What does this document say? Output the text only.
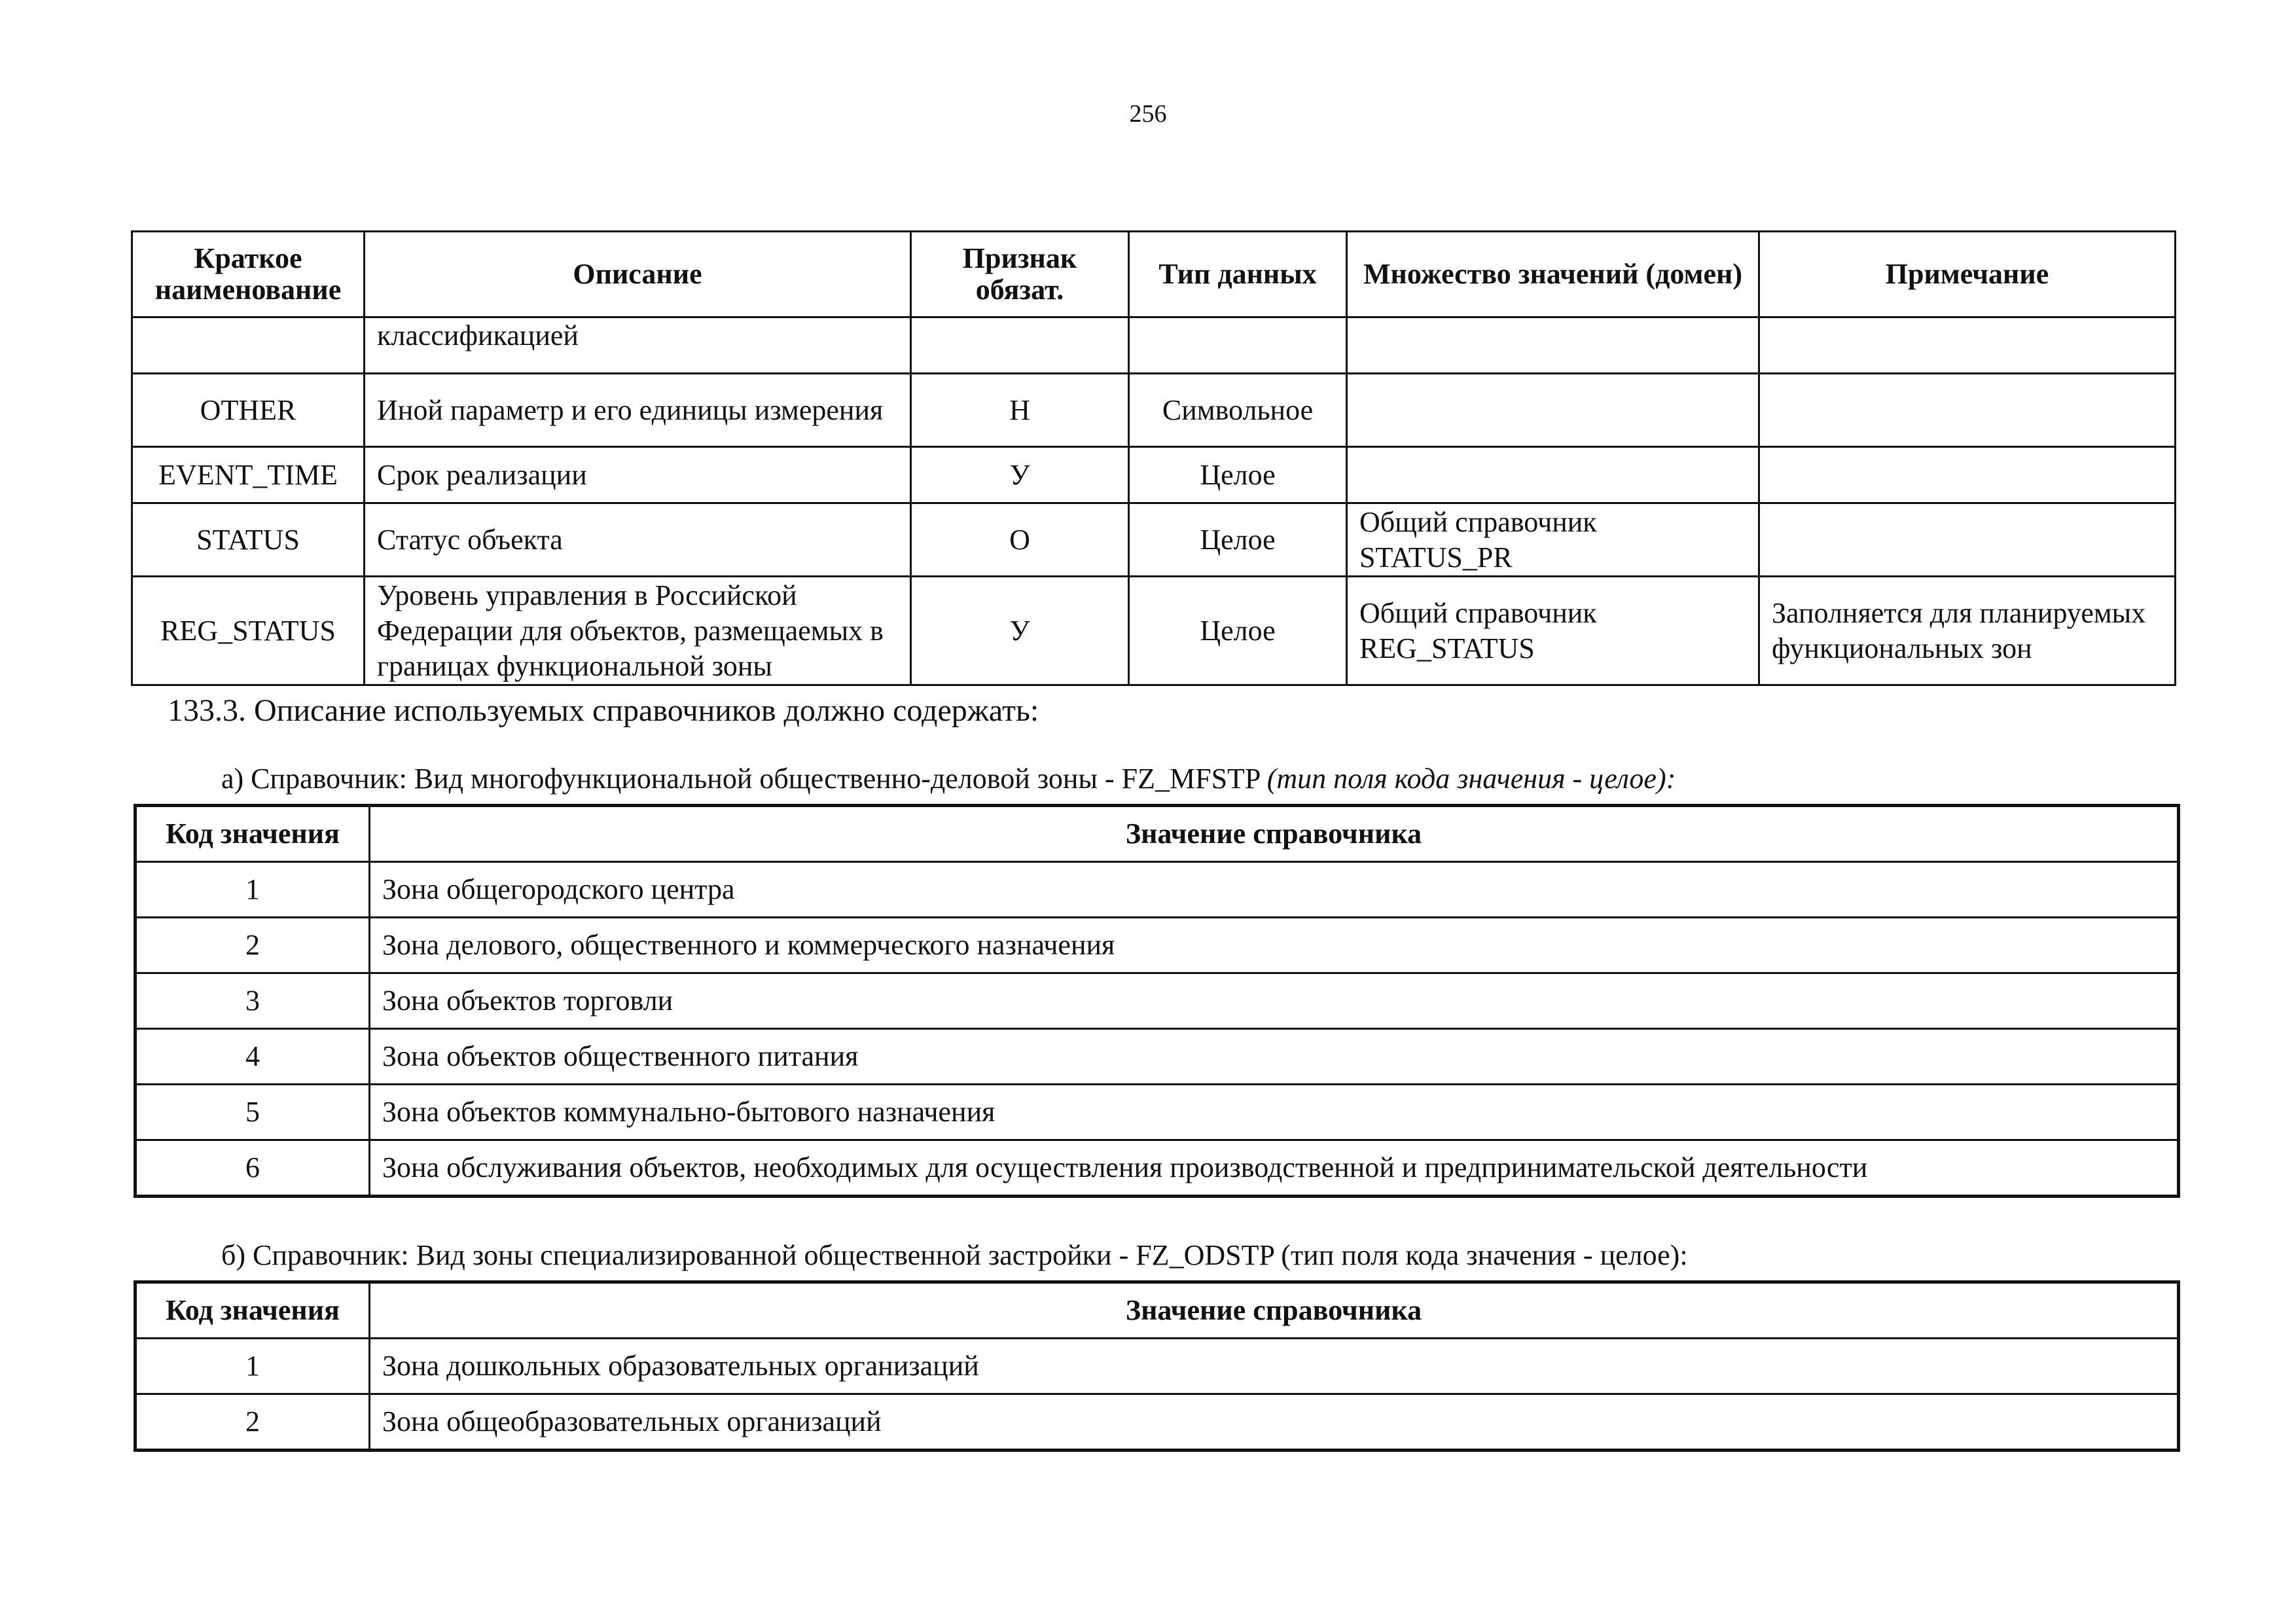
256
Краткое наименование	Описание	Признак обязат.	Тип данных	Множество значений (домен)	Примечание
	классификацией				
OTHER	Иной параметр и его единицы измерения	Н	Символьное		
EVENT_TIME	Срок реализации	У	Целое		
STATUS	Статус объекта	О	Целое	Общий справочник STATUS_PR	
REG_STATUS	Уровень управления в Российской Федерации для объектов, размещаемых в границах функциональной зоны	У	Целое	Общий справочник REG_STATUS	Заполняется для планируемых функциональных зон
133.3. Описание используемых справочников должно содержать:
а) Справочник: Вид многофункциональной общественно-деловой зоны - FZ_MFSTP (тип поля кода значения - целое):
Код значения	Значение справочника
1	Зона общегородского центра
2	Зона делового, общественного и коммерческого назначения
3	Зона объектов торговли
4	Зона объектов общественного питания
5	Зона объектов коммунально-бытового назначения
6	Зона обслуживания объектов, необходимых для осуществления производственной и предпринимательской деятельности
б) Справочник: Вид зоны специализированной общественной застройки - FZ_ODSTP (тип поля кода значения - целое):
Код значения	Значение справочника
1	Зона дошкольных образовательных организаций
2	Зона общеобразовательных организаций
